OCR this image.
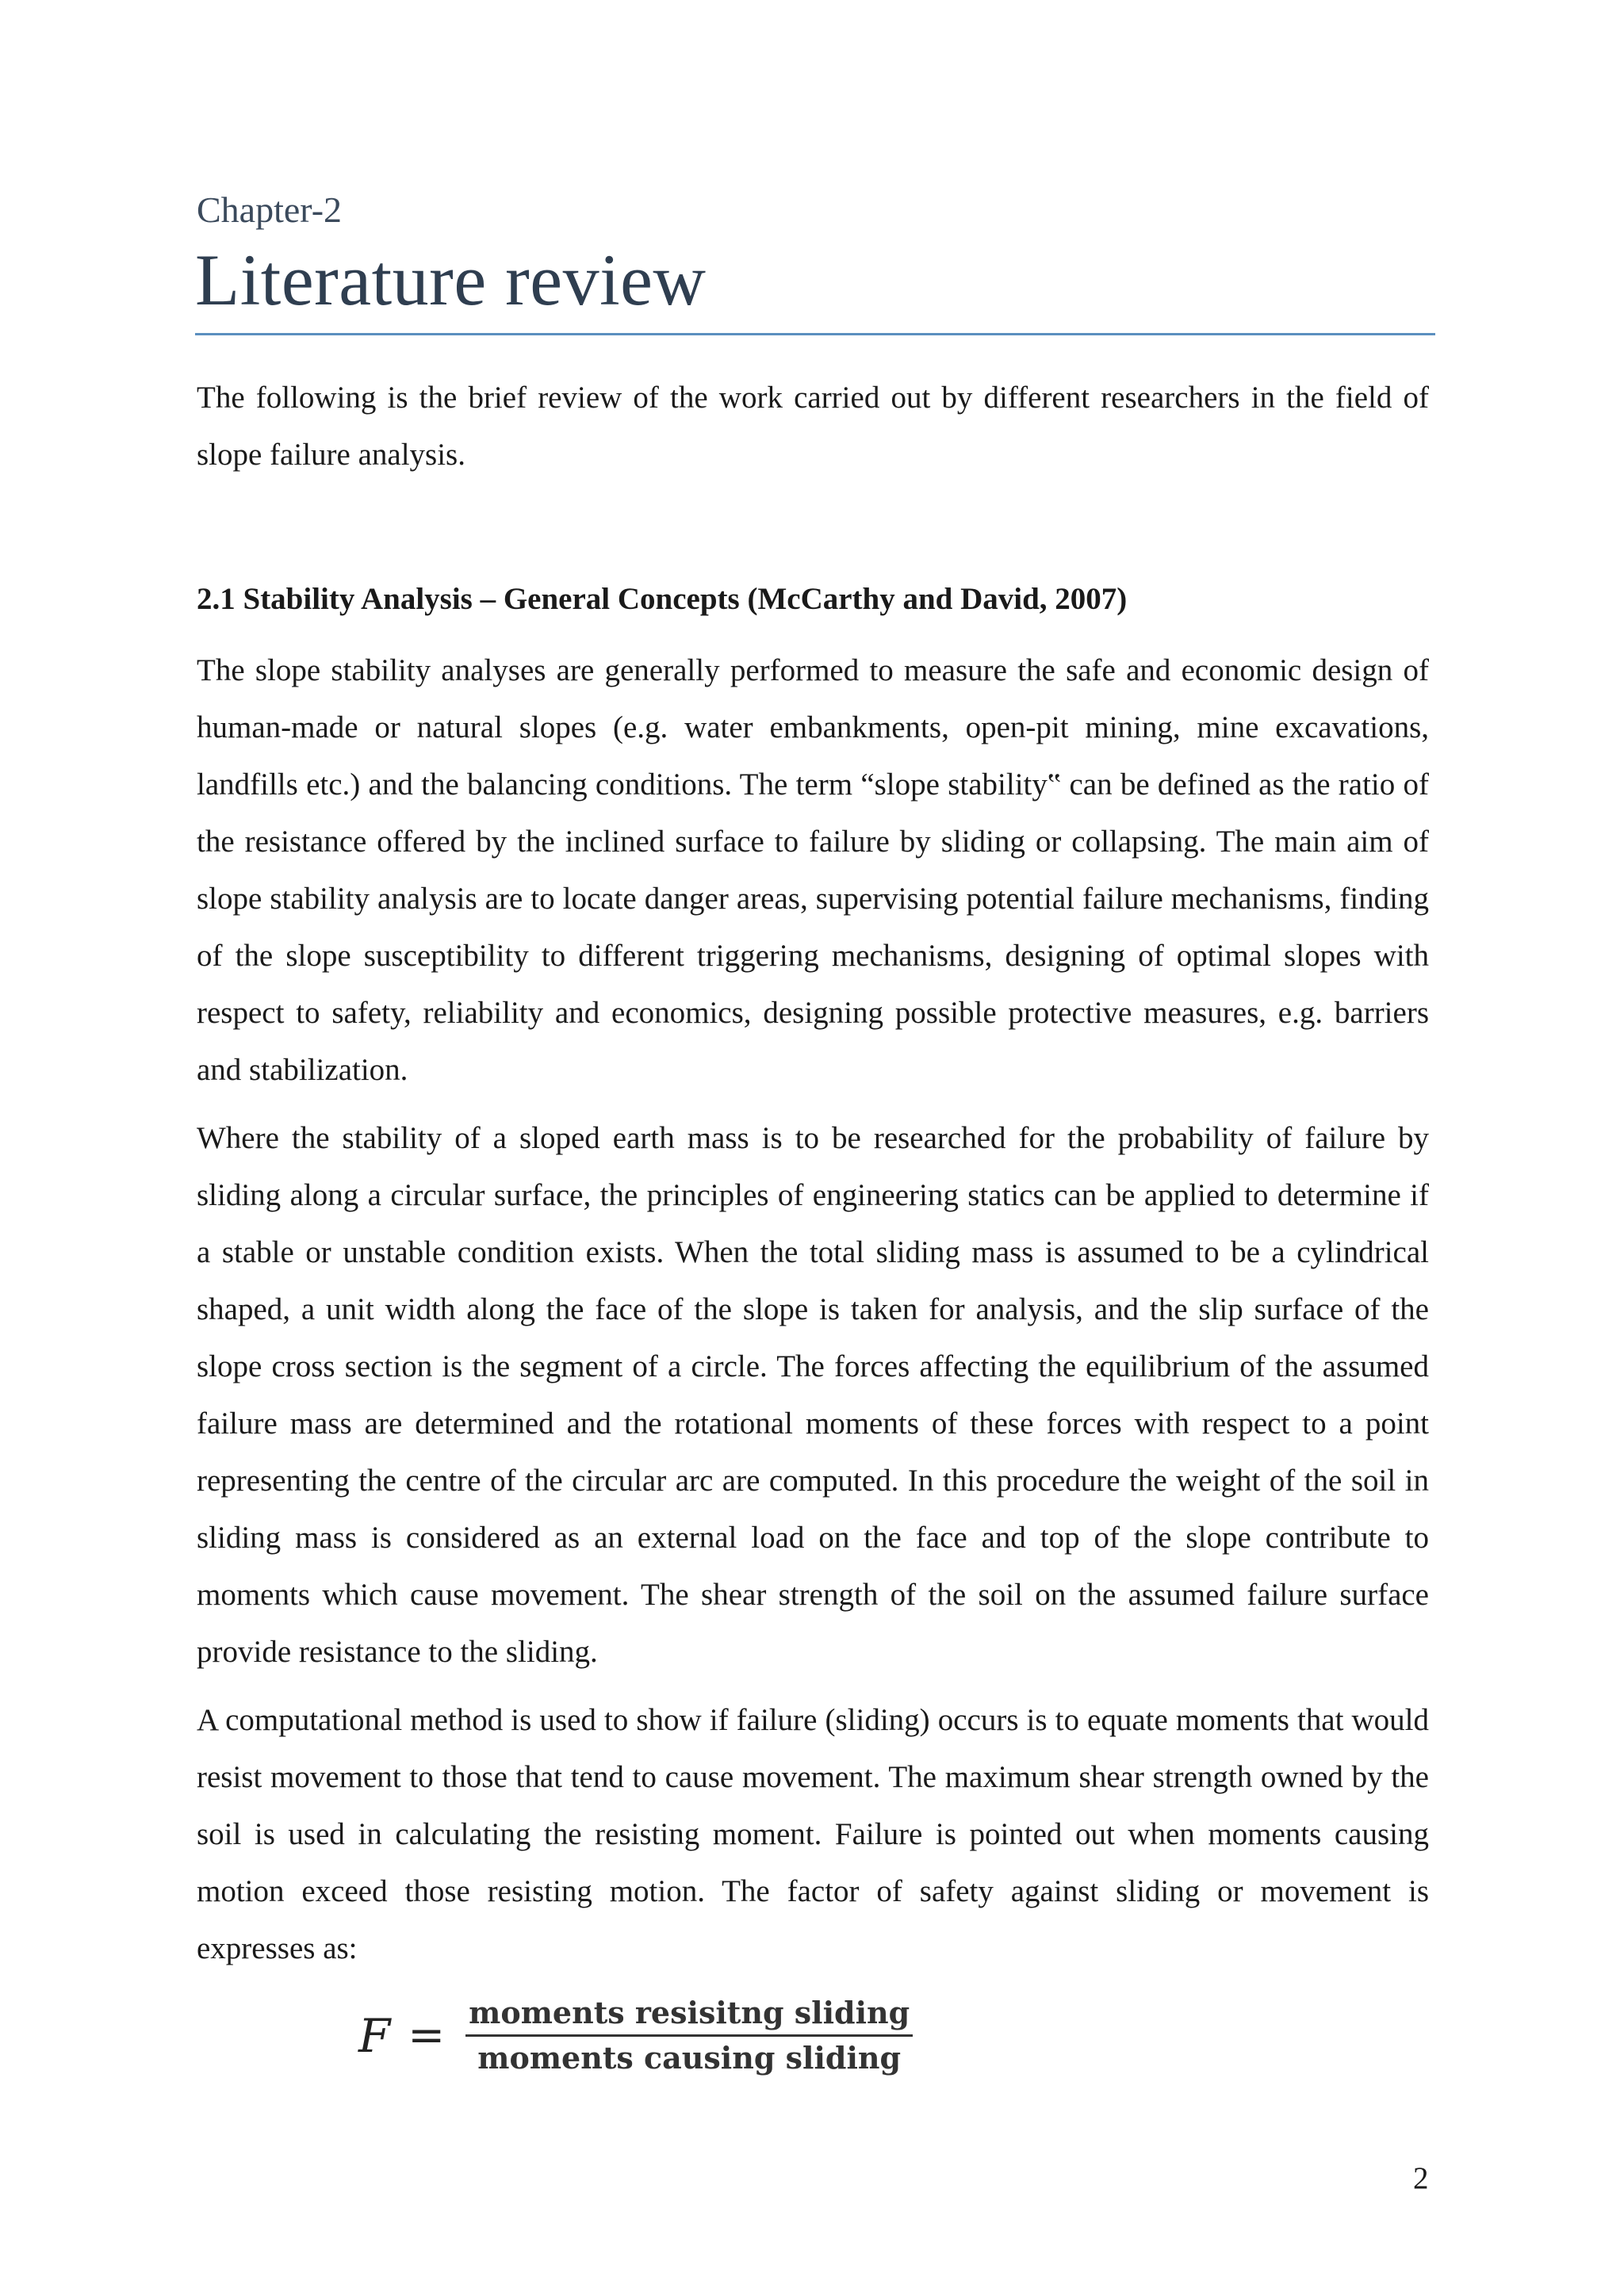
Chapter-2
Literature review

The following is the brief review of the work carried out by different researchers in the field of slope failure analysis.

2.1 Stability Analysis – General Concepts (McCarthy and David, 2007)

The slope stability analyses are generally performed to measure the safe and economic design of human-made or natural slopes (e.g. water embankments, open-pit mining, mine excavations, landfills etc.) and the balancing conditions. The term “slope stability‟ can be defined as the ratio of the resistance offered by the inclined surface to failure by sliding or collapsing. The main aim of slope stability analysis are to locate danger areas, supervising potential failure mechanisms, finding of the slope susceptibility to different triggering mechanisms, designing of optimal slopes with respect to safety, reliability and economics, designing possible protective measures, e.g. barriers and stabilization.

Where the stability of a sloped earth mass is to be researched for the probability of failure by sliding along a circular surface, the principles of engineering statics can be applied to determine if a stable or unstable condition exists. When the total sliding mass is assumed to be a cylindrical shaped, a unit width along the face of the slope is taken for analysis, and the slip surface of the slope cross section is the segment of a circle. The forces affecting the equilibrium of the assumed failure mass are determined and the rotational moments of these forces with respect to a point representing the centre of the circular arc are computed. In this procedure the weight of the soil in sliding mass is considered as an external load on the face and top of the slope contribute to moments which cause movement. The shear strength of the soil on the assumed failure surface provide resistance to the sliding.

A computational method is used to show if failure (sliding) occurs is to equate moments that would resist movement to those that tend to cause movement. The maximum shear strength owned by the soil is used in calculating the resisting moment. Failure is pointed out when moments causing motion exceed those resisting motion. The factor of safety against sliding or movement is expresses as:

$F = \frac{\text{moments resisitng sliding}}{\text{moments causing sliding}}$
2
